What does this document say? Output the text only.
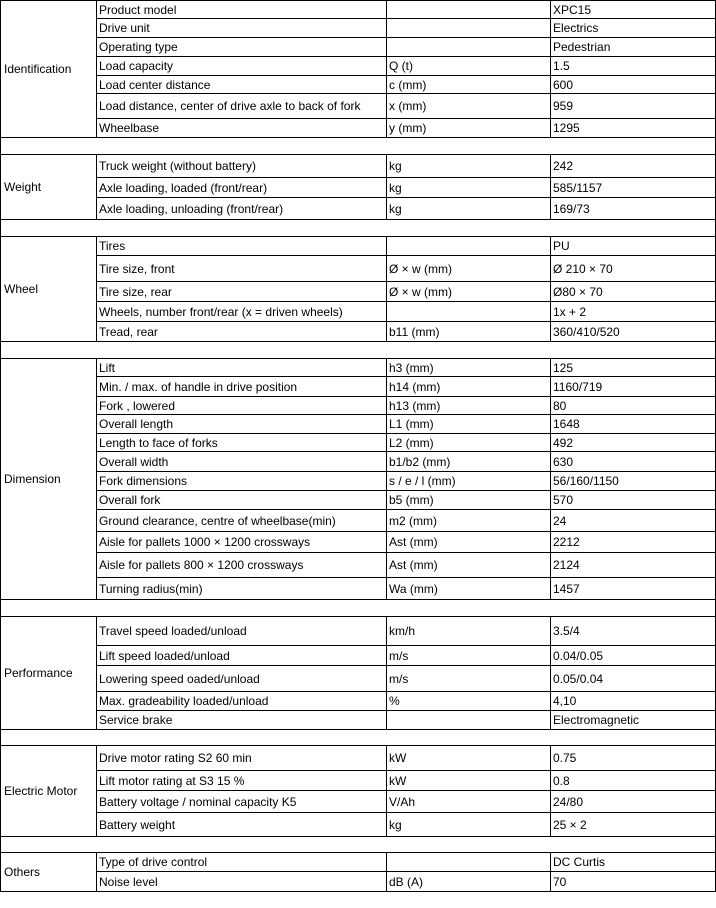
Identification	Product model		XPC15
	Drive unit		Electrics
	Operating type		Pedestrian
	Load capacity	Q (t)	1.5
	Load center distance	c (mm)	600
	Load distance, center of drive axle to back of fork	x (mm)	959
	Wheelbase	y (mm)	1295

Weight	Truck weight (without battery)	kg	242
	Axle loading, loaded (front/rear)	kg	585/1157
	Axle loading, unloading (front/rear)	kg	169/73

Wheel	Tires		PU
	Tire size, front	Ø × w (mm)	Ø 210 × 70
	Tire size, rear	Ø × w (mm)	Ø80 × 70
	Wheels, number front/rear (x = driven wheels)		1x + 2
	Tread, rear	b11 (mm)	360/410/520

Dimension	Lift	h3 (mm)	125
	Min. / max. of handle in drive position	h14 (mm)	1160/719
	Fork , lowered	h13 (mm)	80
	Overall length	L1 (mm)	1648
	Length to face of forks	L2 (mm)	492
	Overall width	b1/b2 (mm)	630
	Fork dimensions	s / e / l (mm)	56/160/1150
	Overall fork	b5 (mm)	570
	Ground clearance, centre of wheelbase(min)	m2 (mm)	24
	Aisle for pallets 1000 × 1200 crossways	Ast (mm)	2212
	Aisle for pallets 800 × 1200 crossways	Ast (mm)	2124
	Turning radius(min)	Wa (mm)	1457

Performance	Travel speed loaded/unload	km/h	3.5/4
	Lift speed loaded/unload	m/s	0.04/0.05
	Lowering speed oaded/unload	m/s	0.05/0.04
	Max. gradeability loaded/unload	%	4,10
	Service brake		Electromagnetic

Electric Motor	Drive motor rating S2 60 min	kW	0.75
	Lift motor rating at S3 15 %	kW	0.8
	Battery voltage / nominal capacity K5	V/Ah	24/80
	Battery weight	kg	25 × 2

Others	Type of drive control		DC Curtis
	Noise level	dB (A)	70
